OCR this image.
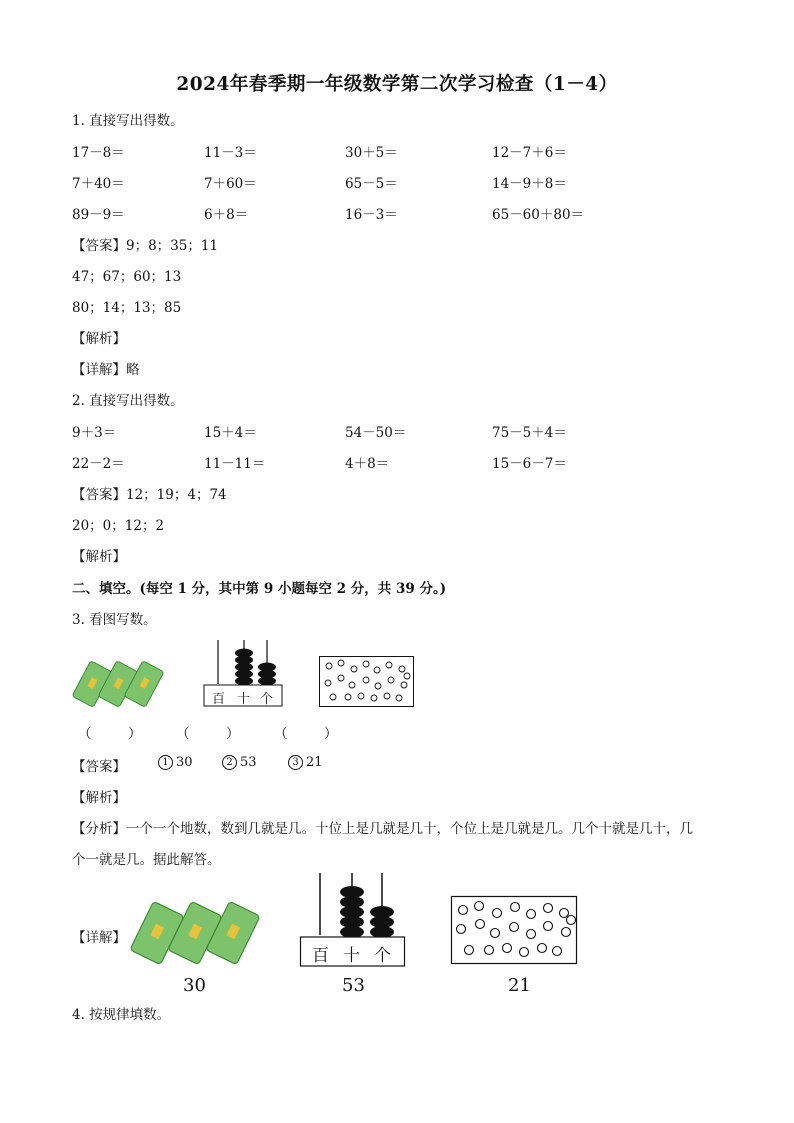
2024年春季期一年级数学第二次学习检查（1－4）
1. 直接写出得数。
17－8＝	11－3＝	30＋5＝	12－7＋6＝
7＋40＝	7＋60＝	65－5＝	14－9＋8＝
89－9＝	6＋8＝	16－3＝	65－60＋80＝
【答案】9；8；35；11
47；67；60；13
80；14；13；85
【解析】
【详解】略
2. 直接写出得数。
9＋3＝	15＋4＝	54－50＝	75－5＋4＝
22－2＝	11－11＝	4＋8＝	15－6－7＝
【答案】12；19；4；74
20；0；12；2
【解析】
二、填空。(每空 1 分，其中第 9 小题每空 2 分，共 39 分。)
3. 看图写数。
百 十 个
（	）	（	）	（	）
【答案】	1 30	2 53	3 21
【解析】
【分析】一个一个地数，数到几就是几。十位上是几就是几十，个位上是几就是几。几个十就是几十，几
个一就是几。据此解答。
【详解】
百 十 个
30	53	21
4. 按规律填数。
